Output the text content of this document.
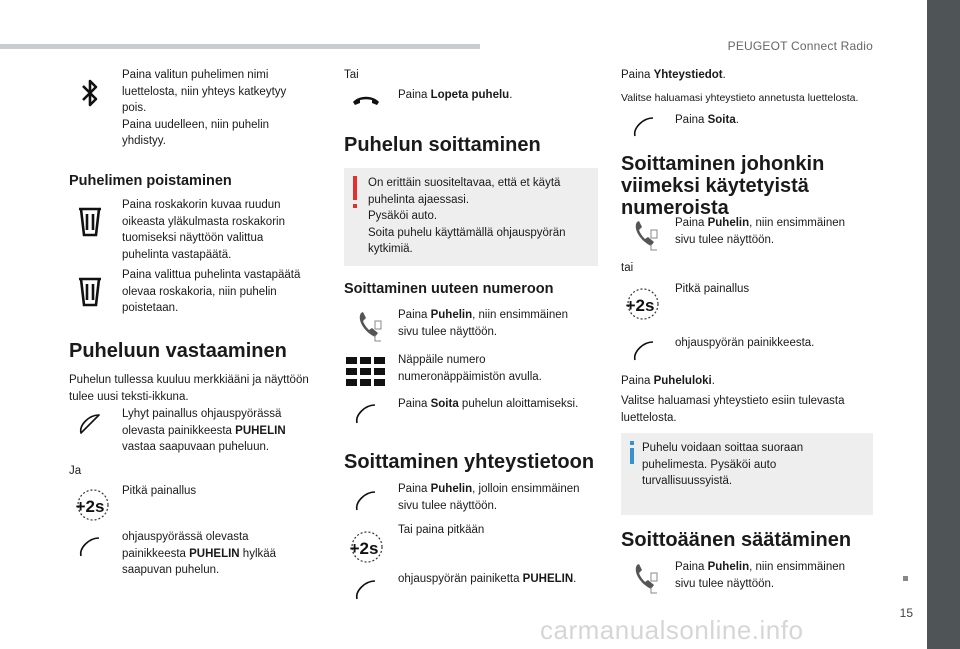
PEUGEOT Connect Radio
15
carmanualsonline.info
Paina valitun puhelimen nimi luettelosta, niin yhteys katkeytyy pois.
Paina uudelleen, niin puhelin yhdistyy.
Puhelimen poistaminen
Paina roskakorin kuvaa ruudun oikeasta yläkulmasta roskakorin tuomiseksi näyttöön valittua puhelinta vastapäätä.
Paina valittua puhelinta vastapäätä olevaa roskakoria, niin puhelin poistetaan.
Puheluun vastaaminen
Puhelun tullessa kuuluu merkkiääni ja näyttöön tulee uusi teksti-ikkuna.
Lyhyt painallus ohjauspyörässä olevasta painikkeesta PUHELIN vastaa saapuvaan puheluun.
Ja
+2s
Pitkä painallus
ohjauspyörässä olevasta painikkeesta PUHELIN hylkää saapuvan puhelun.
Tai
Paina Lopeta puhelu.
Puhelun soittaminen
On erittäin suositeltavaa, että et käytä puhelinta ajaessasi.
Pysäköi auto.
Soita puhelu käyttämällä ohjauspyörän kytkimiä.
Soittaminen uuteen numeroon
Paina Puhelin, niin ensimmäinen sivu tulee näyttöön.
Näppäile numero numeronäppäimistön avulla.
Paina Soita puhelun aloittamiseksi.
Soittaminen yhteystietoon
Paina Puhelin, jolloin ensimmäinen sivu tulee näyttöön.
+2s
Tai paina pitkään
ohjauspyörän painiketta PUHELIN.
Paina Yhteystiedot.
Valitse haluamasi yhteystieto annetusta luettelosta.
Paina Soita.
Soittaminen johonkin viimeksi käytetyistä numeroista
Paina Puhelin, niin ensimmäinen sivu tulee näyttöön.
tai
+2s
Pitkä painallus
ohjauspyörän painikkeesta.
Paina Puheluloki.
Valitse haluamasi yhteystieto esiin tulevasta luettelosta.
Puhelu voidaan soittaa suoraan puhelimesta. Pysäköi auto turvallisuussyistä.
Soittoäänen säätäminen
Paina Puhelin, niin ensimmäinen sivu tulee näyttöön.
